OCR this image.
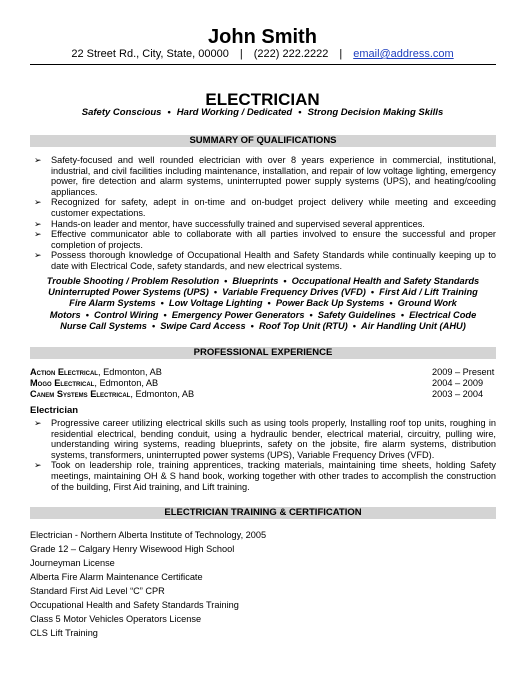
John Smith
22 Street Rd., City, State, 00000 | (222) 222.2222 | email@address.com
ELECTRICIAN
Safety Conscious • Hard Working / Dedicated • Strong Decision Making Skills
SUMMARY OF QUALIFICATIONS
➢ Safety-focused and well rounded electrician with over 8 years experience in commercial, institutional, industrial, and civil facilities including maintenance, installation, and repair of low voltage lighting, emergency power, fire detection and alarm systems, uninterrupted power supply systems (UPS), and heating/cooling appliances.
➢ Recognized for safety, adept in on-time and on-budget project delivery while meeting and exceeding customer expectations.
➢ Hands-on leader and mentor, have successfully trained and supervised several apprentices.
➢ Effective communicator able to collaborate with all parties involved to ensure the successful and proper completion of projects.
➢ Possess thorough knowledge of Occupational Health and Safety Standards while continually keeping up to date with Electrical Code, safety standards, and new electrical systems.
Trouble Shooting / Problem Resolution • Blueprints • Occupational Health and Safety Standards
Uninterrupted Power Systems (UPS) • Variable Frequency Drives (VFD) • First Aid / Lift Training
Fire Alarm Systems • Low Voltage Lighting • Power Back Up Systems • Ground Work
Motors • Control Wiring • Emergency Power Generators • Safety Guidelines • Electrical Code
Nurse Call Systems • Swipe Card Access • Roof Top Unit (RTU) • Air Handling Unit (AHU)
PROFESSIONAL EXPERIENCE
Action Electrical, Edmonton, AB	2009 – Present
Mogo Electrical, Edmonton, AB	2004 – 2009
Canem Systems Electrical, Edmonton, AB	2003 – 2004
Electrician
➢ Progressive career utilizing electrical skills such as using tools properly, Installing roof top units, roughing in residential electrical, bending conduit, using a hydraulic bender, electrical material, circuitry, pulling wire, understanding wiring systems, reading blueprints, safety on the jobsite, fire alarm systems, distribution systems, transformers, uninterrupted power systems (UPS), Variable Frequency Drives (VFD).
➢ Took on leadership role, training apprentices, tracking materials, maintaining time sheets, holding Safety meetings, maintaining OH & S hand book, working together with other trades to accomplish the construction of the building, First Aid training, and Lift training.
ELECTRICIAN TRAINING & CERTIFICATION
Electrician - Northern Alberta Institute of Technology, 2005
Grade 12 – Calgary Henry Wisewood High School
Journeyman License
Alberta Fire Alarm Maintenance Certificate
Standard First Aid Level “C” CPR
Occupational Health and Safety Standards Training
Class 5 Motor Vehicles Operators License
CLS Lift Training
